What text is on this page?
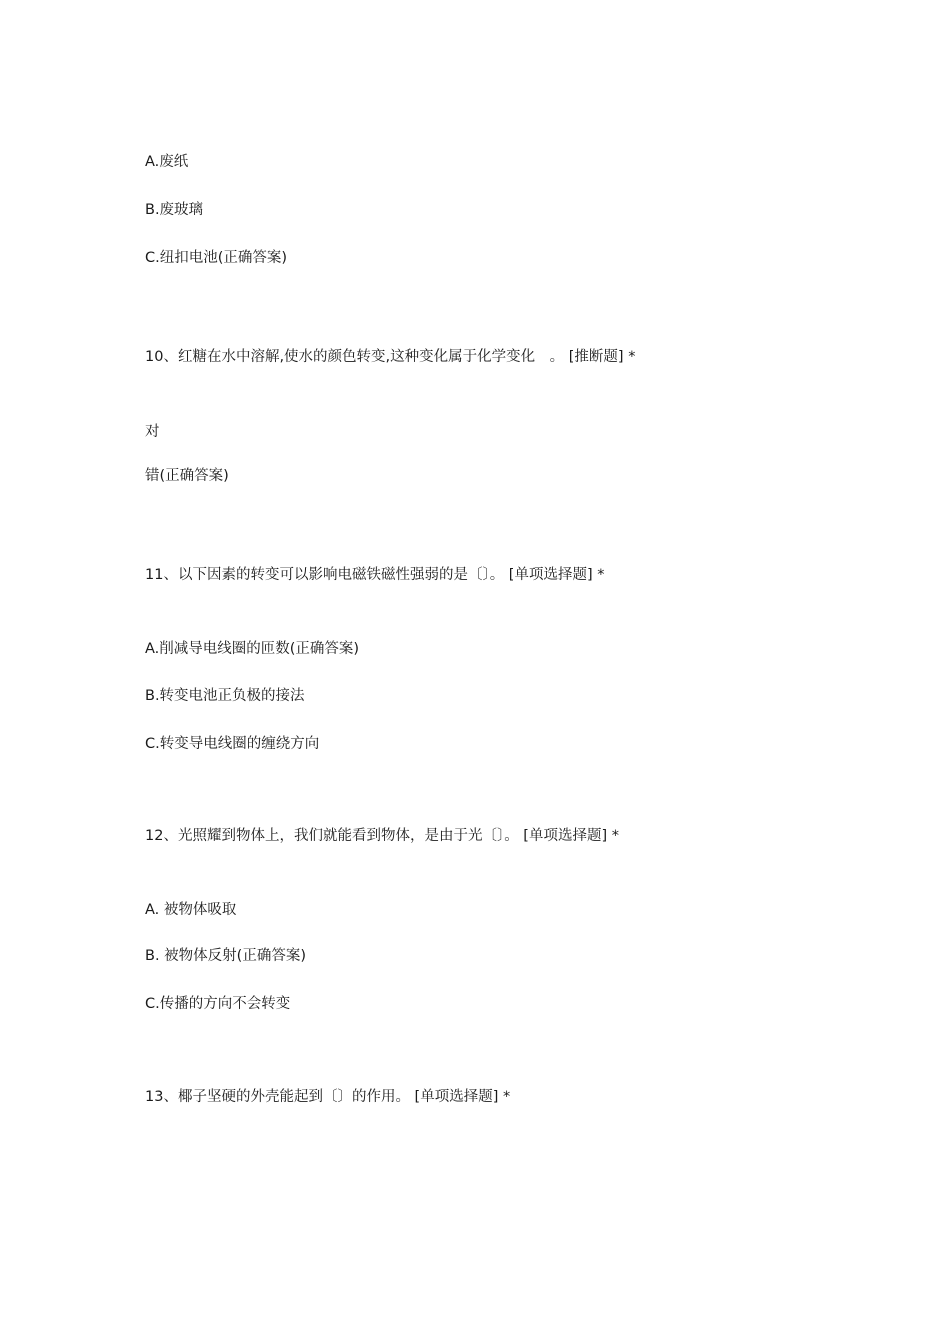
A.废纸
B.废玻璃
C.纽扣电池(正确答案)
10、红糖在水中溶解,使水的颜色转变,这种变化属于化学变化　。 [推断题] *
对
错(正确答案)
11、以下因素的转变可以影响电磁铁磁性强弱的是〔〕。 [单项选择题] *
A.削减导电线圈的匝数(正确答案)
B.转变电池正负极的接法
C.转变导电线圈的缠绕方向
12、光照耀到物体上，我们就能看到物体，是由于光〔〕。 [单项选择题] *
A. 被物体吸取
B. 被物体反射(正确答案)
C.传播的方向不会转变
13、椰子坚硬的外壳能起到〔〕的作用。 [单项选择题] *
